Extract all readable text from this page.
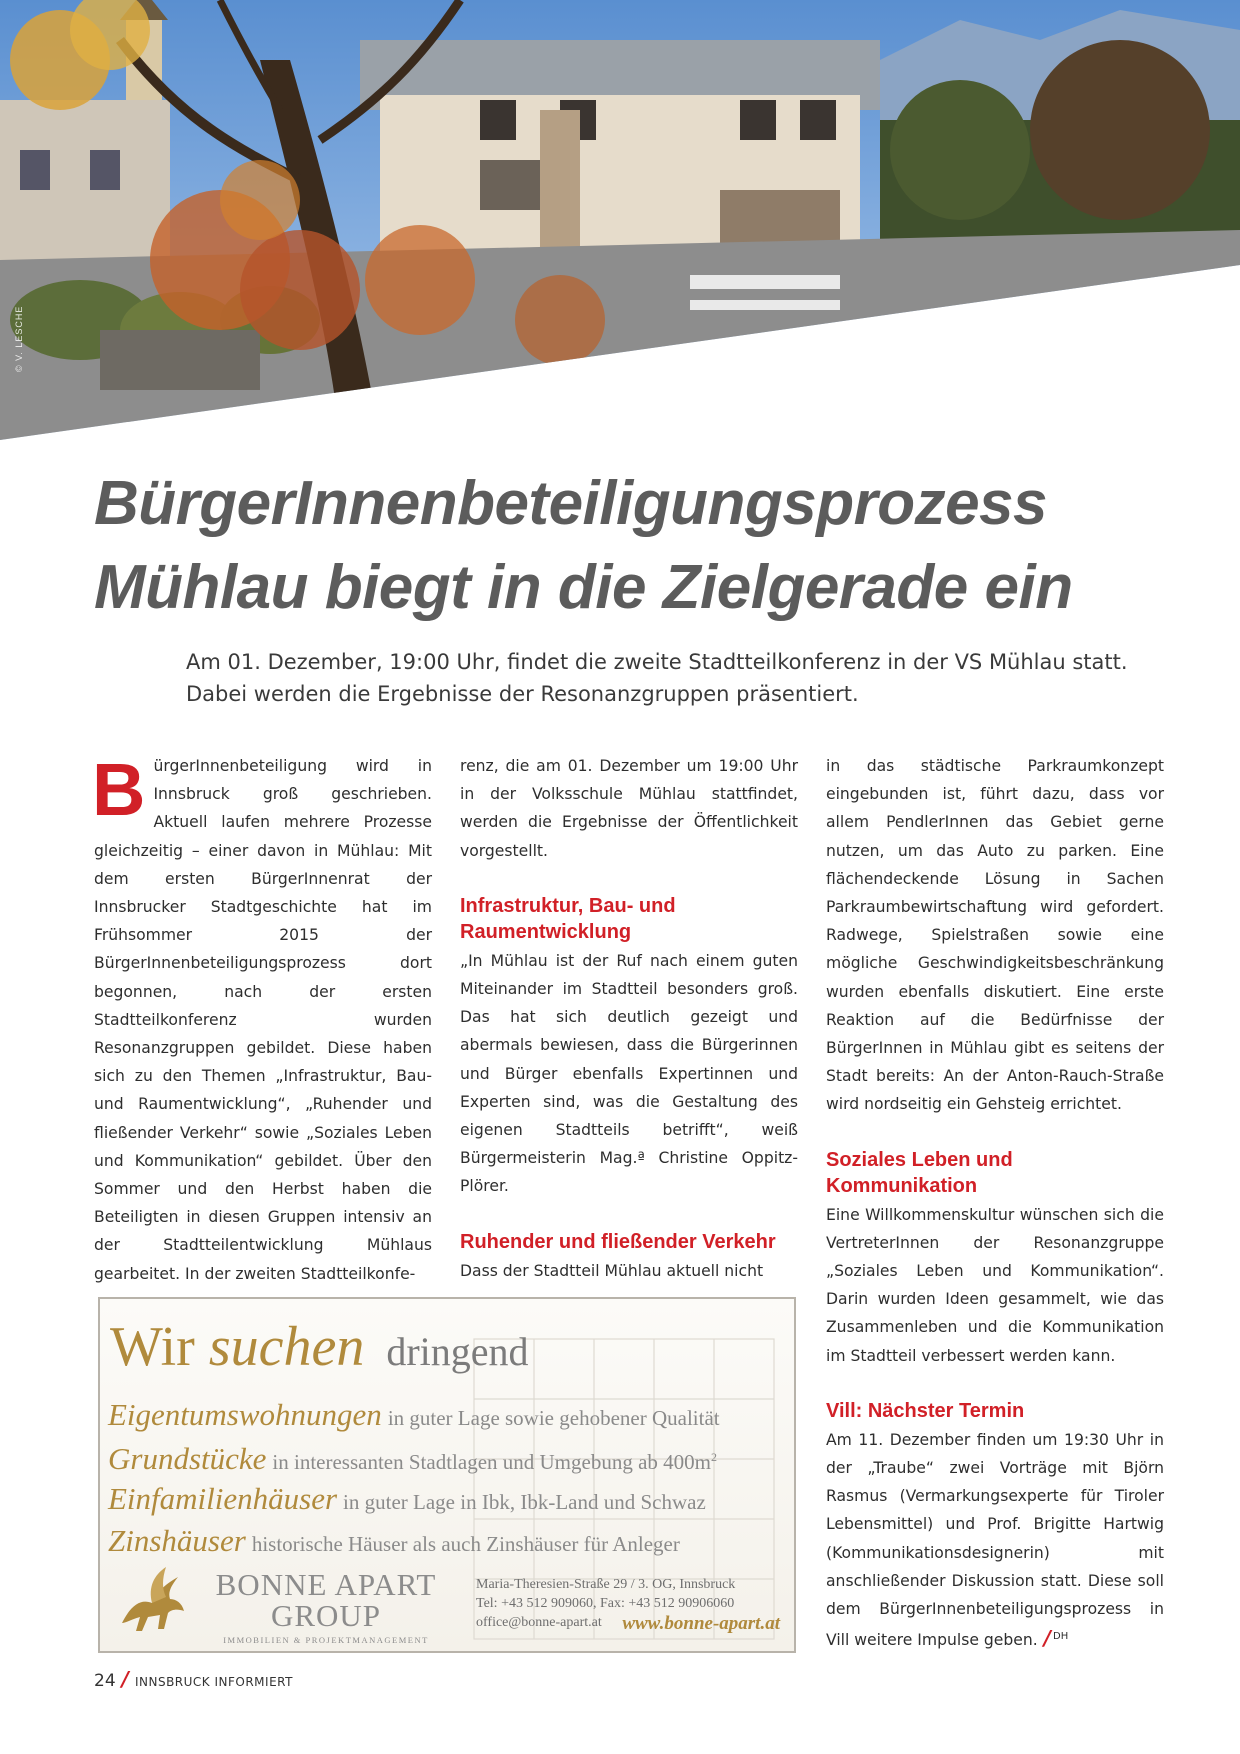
© V. LESCHE
BürgerInnenbeteiligungsprozess
Mühlau biegt in die Zielgerade ein
Am 01. Dezember, 19:00 Uhr, findet die zweite Stadtteilkonferenz in der VS Mühlau statt.
Dabei werden die Ergebnisse der Resonanzgruppen präsentiert.

BürgerInnenbeteiligung wird in Innsbruck groß geschrieben. Aktuell laufen mehrere Prozesse gleichzeitig – einer davon in Mühlau: Mit dem ersten BürgerInnenrat der Innsbrucker Stadtgeschichte hat im Frühsommer 2015 der BürgerInnenbeteiligungsprozess dort begonnen, nach der ersten Stadtteilkonferenz wurden Resonanzgruppen gebildet. Diese haben sich zu den Themen „Infrastruktur, Bau- und Raumentwicklung“, „Ruhender und fließender Verkehr“ sowie „Soziales Leben und Kommunikation“ gebildet. Über den Sommer und den Herbst haben die Beteiligten in diesen Gruppen intensiv an der Stadtteilentwicklung Mühlaus gearbeitet. In der zweiten Stadtteilkonfe-

renz, die am 01. Dezember um 19:00 Uhr in der Volksschule Mühlau stattfindet, werden die Ergebnisse der Öffentlichkeit vorgestellt.

Infrastruktur, Bau- und Raumentwicklung

„In Mühlau ist der Ruf nach einem guten Miteinander im Stadtteil besonders groß. Das hat sich deutlich gezeigt und abermals bewiesen, dass die Bürgerinnen und Bürger ebenfalls Expertinnen und Experten sind, was die Gestaltung des eigenen Stadtteils betrifft“, weiß Bürgermeisterin Mag.ª Christine Oppitz-Plörer.

Ruhender und fließender Verkehr

Dass der Stadtteil Mühlau aktuell nicht

in das städtische Parkraumkonzept eingebunden ist, führt dazu, dass vor allem PendlerInnen das Gebiet gerne nutzen, um das Auto zu parken. Eine flächendeckende Lösung in Sachen Parkraumbewirtschaftung wird gefordert. Radwege, Spielstraßen sowie eine mögliche Geschwindigkeitsbeschränkung wurden ebenfalls diskutiert. Eine erste Reaktion auf die Bedürfnisse der BürgerInnen in Mühlau gibt es seitens der Stadt bereits: An der Anton-Rauch-Straße wird nordseitig ein Gehsteig errichtet.

Soziales Leben und Kommunikation

Eine Willkommenskultur wünschen sich die VertreterInnen der Resonanzgruppe „Soziales Leben und Kommunikation“. Darin wurden Ideen gesammelt, wie das Zusammenleben und die Kommunikation im Stadtteil verbessert werden kann.

Vill: Nächster Termin

Am 11. Dezember finden um 19:30 Uhr in der „Traube“ zwei Vorträge mit Björn Rasmus (Vermarkungsexperte für Tiroler Lebensmittel) und Prof. Brigitte Hartwig (Kommunikationsdesignerin) mit anschließender Diskussion statt. Diese soll dem BürgerInnenbeteiligungsprozess in Vill weitere Impulse geben. / $^{DH}$

Wir suchen dringend
Eigentumswohnungen in guter Lage sowie gehobener Qualität
Grundstücke in interessanten Stadtlagen und Umgebung ab $400m^2$
Einfamilienhäuser in guter Lage in Ibk, Ibk-Land und Schwaz
Zinshäuser historische Häuser als auch Zinshäuser für Anleger
BONNE APART
GROUP
IMMOBILIEN & PROJEKTMANAGEMENT
Maria-Theresien-Straße 29 / 3. OG, Innsbruck
Tel: +43 512 909060, Fax: +43 512 90906060
office@bonne-apart.at	www.bonne-apart.at
24 / INNSBRUCK INFORMIERT
